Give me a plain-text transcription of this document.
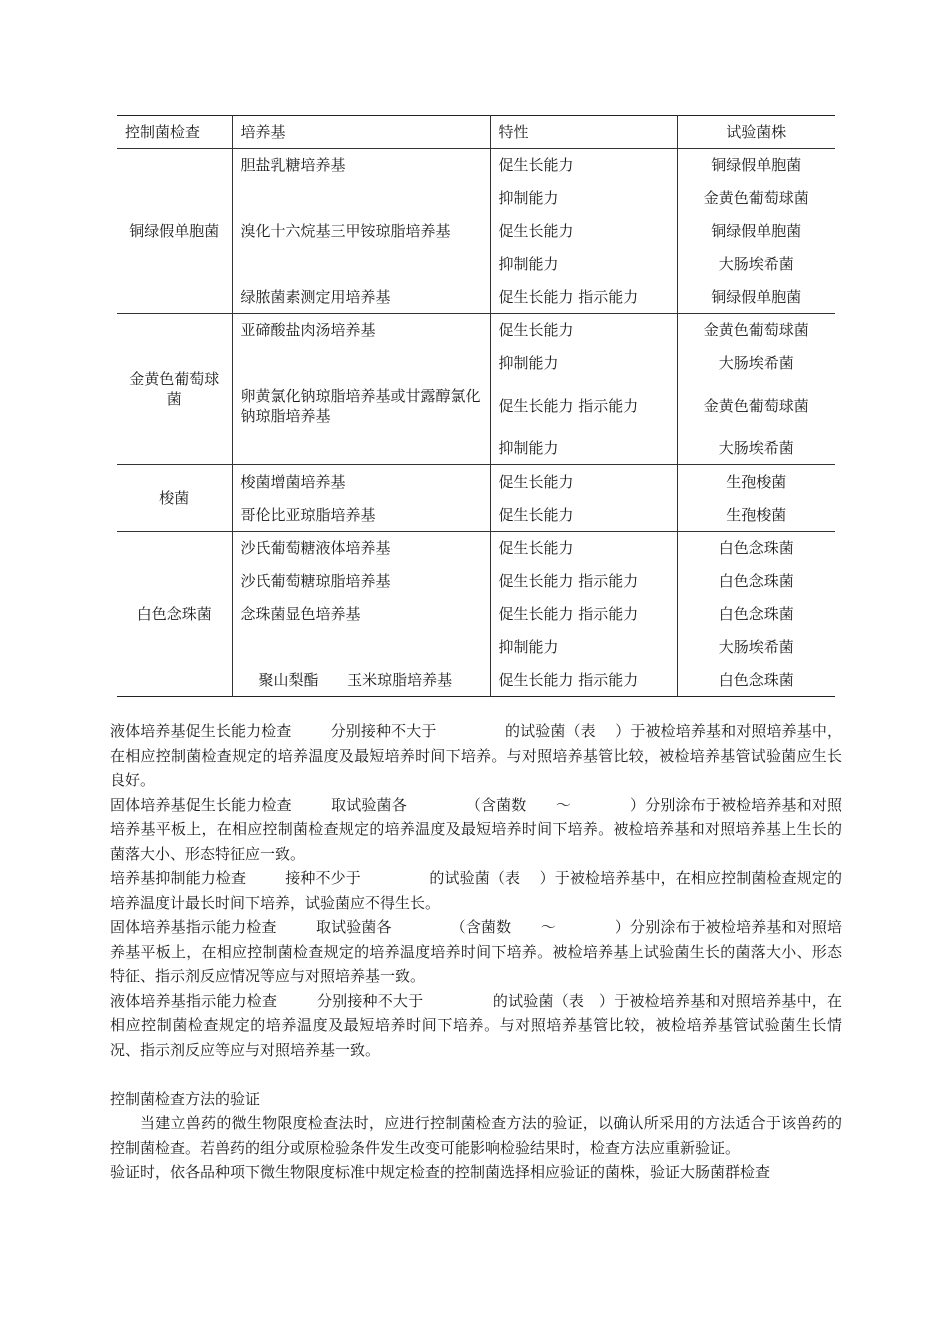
控制菌检查	培养基	特性	试验菌株
铜绿假单胞菌	胆盐乳糖培养基	促生长能力	铜绿假单胞菌
		抑制能力	金黄色葡萄球菌
	溴化十六烷基三甲铵琼脂培养基	促生长能力	铜绿假单胞菌
		抑制能力	大肠埃希菌
	绿脓菌素测定用培养基	促生长能力 指示能力	铜绿假单胞菌
金黄色葡萄球菌	亚碲酸盐肉汤培养基	促生长能力	金黄色葡萄球菌
		抑制能力	大肠埃希菌
	卵黄氯化钠琼脂培养基或甘露醇氯化钠琼脂培养基	促生长能力 指示能力	金黄色葡萄球菌
		抑制能力	大肠埃希菌
梭菌	梭菌增菌培养基	促生长能力	生孢梭菌
	哥伦比亚琼脂培养基	促生长能力	生孢梭菌
白色念珠菌	沙氏葡萄糖液体培养基	促生长能力	白色念珠菌
	沙氏葡萄糖琼脂培养基	促生长能力 指示能力	白色念珠菌
	念珠菌显色培养基	促生长能力 指示能力	白色念珠菌
		抑制能力	大肠埃希菌
	聚山梨酯      玉米琼脂培养基	促生长能力 指示能力	白色念珠菌

液体培养基促生长能力检查        分别接种不大于              的试验菌（表    ）于被检培养基和对照培养基中，在相应控制菌检查规定的培养温度及最短培养时间下培养。与对照培养基管比较，被检培养基管试验菌应生长良好。

固体培养基促生长能力检查        取试验菌各            （含菌数      ～            ）分别涂布于被检培养基和对照培养基平板上，在相应控制菌检查规定的培养温度及最短培养时间下培养。被检培养基和对照培养基上生长的菌落大小、形态特征应一致。

培养基抑制能力检查        接种不少于              的试验菌（表    ）于被检培养基中，在相应控制菌检查规定的培养温度计最长时间下培养，试验菌应不得生长。

固体培养基指示能力检查        取试验菌各            （含菌数      ～            ）分别涂布于被检培养基和对照培养基平板上，在相应控制菌检查规定的培养温度培养时间下培养。被检培养基上试验菌生长的菌落大小、形态特征、指示剂反应情况等应与对照培养基一致。

液体培养基指示能力检查        分别接种不大于              的试验菌（表   ）于被检培养基和对照培养基中，在相应控制菌检查规定的培养温度及最短培养时间下培养。与对照培养基管比较，被检培养基管试验菌生长情况、指示剂反应等应与对照培养基一致。

控制菌检查方法的验证

当建立兽药的微生物限度检查法时，应进行控制菌检查方法的验证，以确认所采用的方法适合于该兽药的控制菌检查。若兽药的组分或原检验条件发生改变可能影响检验结果时，检查方法应重新验证。

验证时，依各品种项下微生物限度标准中规定检查的控制菌选择相应验证的菌株，验证大肠菌群检查
